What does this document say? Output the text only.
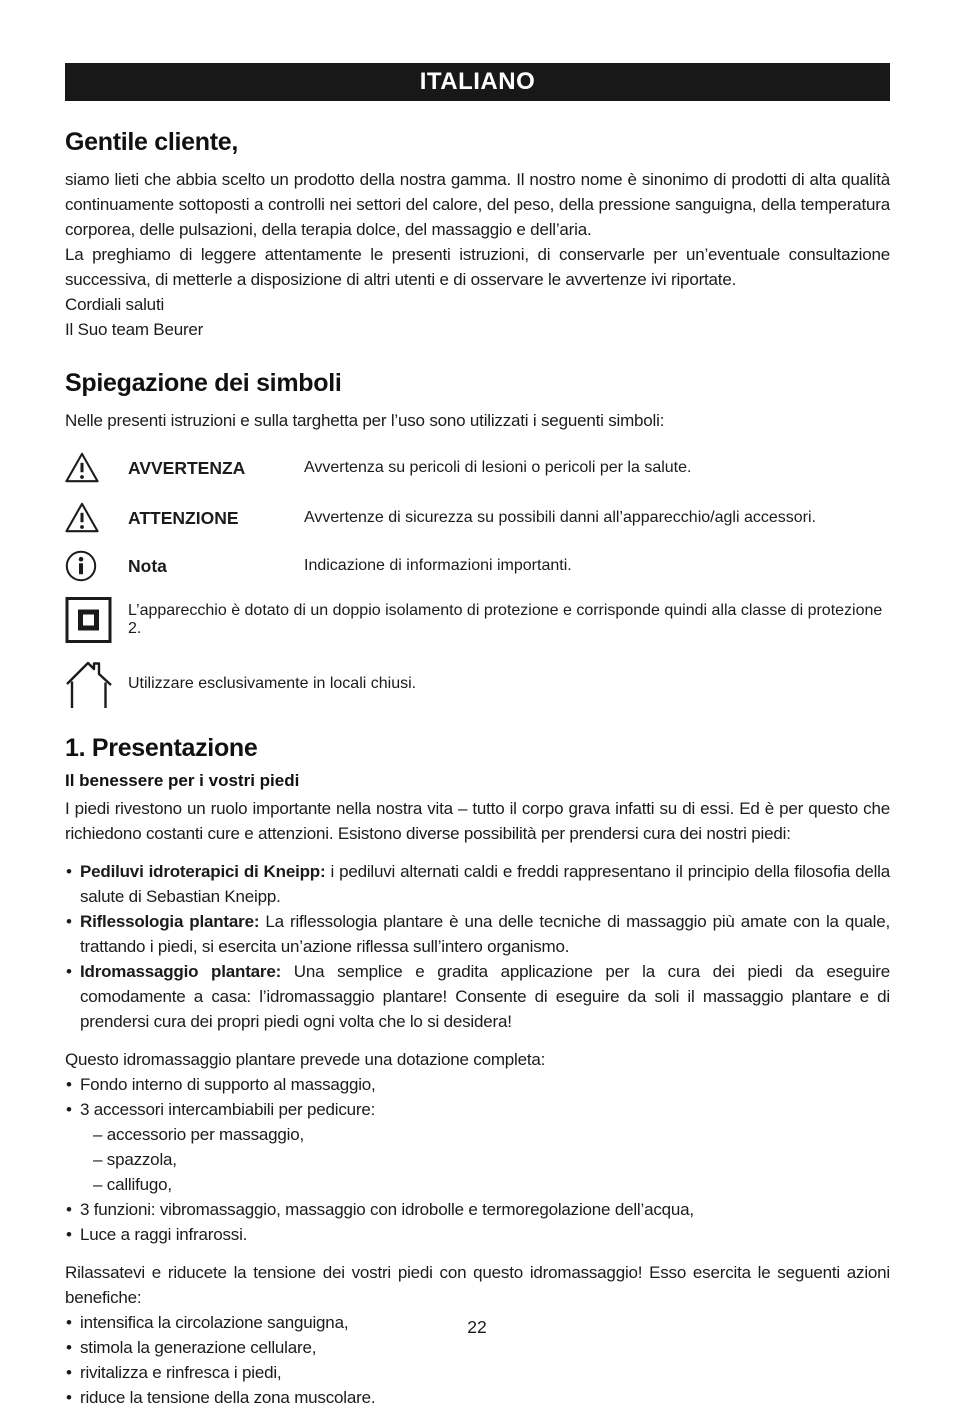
ITALIANO
Gentile cliente,

siamo lieti che abbia scelto un prodotto della nostra gamma. Il nostro nome è sinonimo di prodotti di alta qualità continuamente sottoposti a controlli nei settori del calore, del peso, della pressione sanguigna, della temperatura corporea, delle pulsazioni, della terapia dolce, del massaggio e dell’aria.

La preghiamo di leggere attentamente le presenti istruzioni, di conservarle per un’eventuale consultazione successiva, di metterle a disposizione di altri utenti e di osservare le avvertenze ivi riportate.

Cordiali saluti

Il Suo team Beurer

Spiegazione dei simboli

Nelle presenti istruzioni e sulla targhetta per l’uso sono utilizzati i seguenti simboli:

AVVERTENZA	Avvertenza su pericoli di lesioni o pericoli per la salute.
ATTENZIONE	Avvertenze di sicurezza su possibili danni all’apparecchio/agli accessori.
Nota	Indicazione di informazioni importanti.
L’apparecchio è dotato di un doppio isolamento di protezione e corrisponde quindi alla classe di protezione 2.
Utilizzare esclusivamente in locali chiusi.
1. Presentazione
Il benessere per i vostri piedi

I piedi rivestono un ruolo importante nella nostra vita – tutto il corpo grava infatti su di essi. Ed è per questo che richiedono costanti cure e attenzioni. Esistono diverse possibilità per prendersi cura dei nostri piedi:

• Pediluvi idroterapici di Kneipp: i pediluvi alternati caldi e freddi rappresentano il principio della filosofia della salute di Sebastian Kneipp.
• Riflessologia plantare: La riflessologia plantare è una delle tecniche di massaggio più amate con la quale, trattando i piedi, si esercita un’azione riflessa sull’intero organismo.
• Idromassaggio plantare: Una semplice e gradita applicazione per la cura dei piedi da eseguire comodamente a casa: l’idromassaggio plantare! Consente di eseguire da soli il massaggio plantare e di prendersi cura dei propri piedi ogni volta che lo si desidera!

Questo idromassaggio plantare prevede una dotazione completa:

• Fondo interno di supporto al massaggio,
• 3 accessori intercambiabili per pedicure:
– accessorio per massaggio,
– spazzola,
– callifugo,
• 3 funzioni: vibromassaggio, massaggio con idrobolle e termoregolazione dell’acqua,
• Luce a raggi infrarossi.

Rilassatevi e riducete la tensione dei vostri piedi con questo idromassaggio! Esso esercita le seguenti azioni benefiche:

• intensifica la circolazione sanguigna,
• stimola la generazione cellulare,
• rivitalizza e rinfresca i piedi,
• riduce la tensione della zona muscolare.
22
